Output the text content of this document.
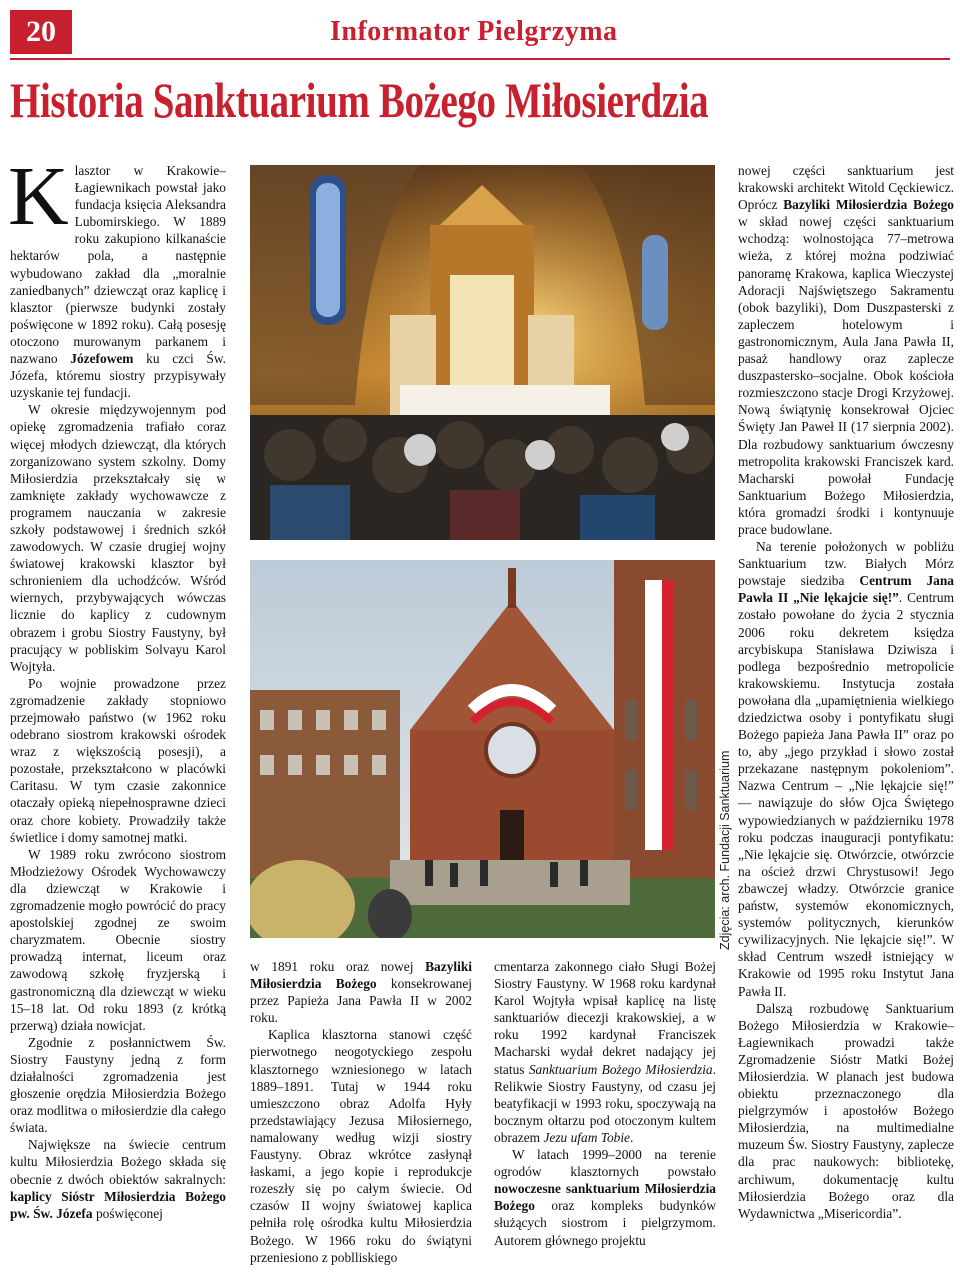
20	Informator Pielgrzyma
Historia Sanktuarium Bożego Miłosierdzia

Klasztor w Krakowie–Łagiewnikach powstał jako fundacja księcia Aleksandra Lubomirskiego. W 1889 roku zakupiono kilkanaście hektarów pola, a następnie wybudowano zakład dla „moralnie zaniedbanych” dziewcząt oraz kaplicę i klasztor (pierwsze budynki zostały poświęcone w 1892 roku). Całą posesję otoczono murowanym parkanem i nazwano Józefowem ku czci Św. Józefa, któremu siostry przypisywały uzyskanie tej fundacji.

W okresie międzywojennym pod opiekę zgromadzenia trafiało coraz więcej młodych dziewcząt, dla których zorganizowano system szkolny. Domy Miłosierdzia przekształcały się w zamknięte zakłady wychowawcze z programem nauczania w zakresie szkoły podstawowej i średnich szkół zawodowych. W czasie drugiej wojny światowej krakowski klasztor był schronieniem dla uchodźców. Wśród wiernych, przybywających wówczas licznie do kaplicy z cudownym obrazem i grobu Siostry Faustyny, był pracujący w pobliskim Solvayu Karol Wojtyła.

Po wojnie prowadzone przez zgromadzenie zakłady stopniowo przejmowało państwo (w 1962 roku odebrano siostrom krakowski ośrodek wraz z większością posesji), a pozostałe, przekształcono w placówki Caritasu. W tym czasie zakonnice otaczały opieką niepełnosprawne dzieci oraz chore kobiety. Prowadziły także świetlice i domy samotnej matki.

W 1989 roku zwrócono siostrom Młodzieżowy Ośrodek Wychowawczy dla dziewcząt w Krakowie i zgromadzenie mogło powrócić do pracy apostolskiej zgodnej ze swoim charyzmatem. Obecnie siostry prowadzą internat, liceum oraz zawodową szkołę fryzjerską i gastronomiczną dla dziewcząt w wieku 15–18 lat. Od roku 1893 (z krótką przerwą) działa nowicjat.

Zgodnie z posłannictwem Św. Siostry Faustyny jedną z form działalności zgromadzenia jest głoszenie orędzia Miłosierdzia Bożego oraz modlitwa o miłosierdzie dla całego świata.

Największe na świecie centrum kultu Miłosierdzia Bożego składa się obecnie z dwóch obiektów sakralnych: kaplicy Sióstr Miłosierdzia Bożego pw. Św. Józefa poświęconej

Zdjęcia: arch. Fundacji Sanktuarium

w 1891 roku oraz nowej Bazyliki Miłosierdzia Bożego konsekrowanej przez Papieża Jana Pawła II w 2002 roku.

Kaplica klasztorna stanowi część pierwotnego neogotyckiego zespołu klasztornego wzniesionego w latach 1889–1891. Tutaj w 1944 roku umieszczono obraz Adolfa Hyły przedstawiający Jezusa Miłosiernego, namalowany według wizji siostry Faustyny. Obraz wkrótce zasłynął łaskami, a jego kopie i reprodukcje rozeszły się po całym świecie. Od czasów II wojny światowej kaplica pełniła rolę ośrodka kultu Miłosierdzia Bożego. W 1966 roku do świątyni przeniesiono z poblliskiego

cmentarza zakonnego ciało Sługi Bożej Siostry Faustyny. W 1968 roku kardynał Karol Wojtyła wpisał kaplicę na listę sanktuariów diecezji krakowskiej, a w roku 1992 kardynał Franciszek Macharski wydał dekret nadający jej status Sanktuarium Bożego Miłosierdzia. Relikwie Siostry Faustyny, od czasu jej beatyfikacji w 1993 roku, spoczywają na bocznym ołtarzu pod otoczonym kultem obrazem Jezu ufam Tobie.

W latach 1999–2000 na terenie ogrodów klasztornych powstało nowoczesne sanktuarium Miłosierdzia Bożego oraz kompleks budynków służących siostrom i pielgrzymom. Autorem głównego projektu

nowej części sanktuarium jest krakowski architekt Witold Cęckiewicz. Oprócz Bazyliki Miłosierdzia Bożego w skład nowej części sanktuarium wchodzą: wolnostojąca 77–metrowa wieża, z której można podziwiać panoramę Krakowa, kaplica Wieczystej Adoracji Najświętszego Sakramentu (obok bazyliki), Dom Duszpasterski z zapleczem hotelowym i gastronomicznym, Aula Jana Pawła II, pasaż handlowy oraz zaplecze duszpastersko–socjalne. Obok kościoła rozmieszczono stacje Drogi Krzyżowej. Nową świątynię konsekrował Ojciec Święty Jan Paweł II (17 sierpnia 2002). Dla rozbudowy sanktuarium ówczesny metropolita krakowski Franciszek kard. Macharski powołał Fundację Sanktuarium Bożego Miłosierdzia, która gromadzi środki i kontynuuje prace budowlane.

Na terenie położonych w pobliżu Sanktuarium tzw. Białych Mórz powstaje siedziba Centrum Jana Pawła II „Nie lękajcie się!”. Centrum zostało powołane do życia 2 stycznia 2006 roku dekretem księdza arcybiskupa Stanisława Dziwisza i podlega bezpośrednio metropolicie krakowskiemu. Instytucja została powołana dla „upamiętnienia wielkiego dziedzictwa osoby i pontyfikatu sługi Bożego papieża Jana Pawła II” oraz po to, aby „jego przykład i słowo został przekazane następnym pokoleniom”. Nazwa Centrum – „Nie lękajcie się!” — nawiązuje do słów Ojca Świętego wypowiedzianych w październiku 1978 roku podczas inauguracji pontyfikatu: „Nie lękajcie się. Otwórzcie, otwórzcie na oścież drzwi Chrystusowi! Jego zbawczej władzy. Otwórzcie granice państw, systemów ekonomicznych, systemów politycznych, kierunków cywilizacyjnych. Nie lękajcie się!”. W skład Centrum wszedł istniejący w Krakowie od 1995 roku Instytut Jana Pawła II.

Dalszą rozbudowę Sanktuarium Bożego Miłosierdzia w Krakowie–Łagiewnikach prowadzi także Zgromadzenie Sióstr Matki Bożej Miłosierdzia. W planach jest budowa obiektu przeznaczonego dla pielgrzymów i apostołów Bożego Miłosierdzia, na multimedialne muzeum Św. Siostry Faustyny, zaplecze dla prac naukowych: bibliotekę, archiwum, dokumentację kultu Miłosierdzia Bożego oraz dla Wydawnictwa „Misericordia”.
